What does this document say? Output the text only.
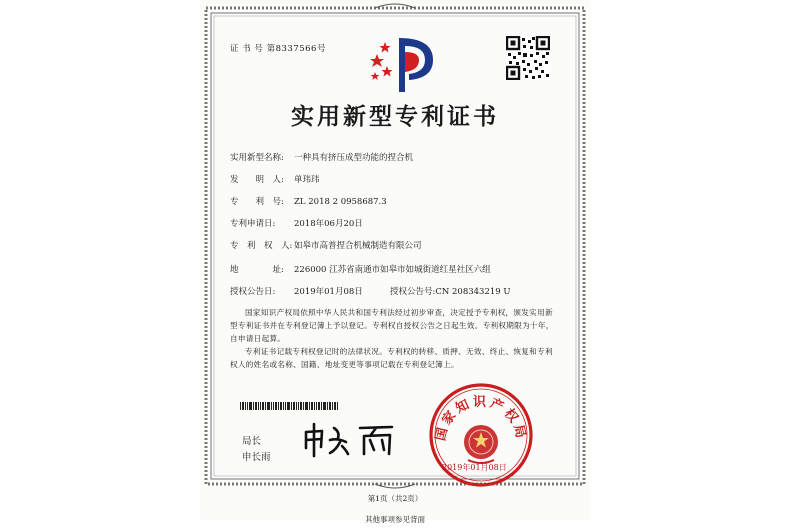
证 书 号 第8337566号
实用新型专利证书
实用新型名称: 一种具有挤压成型功能的捏合机
发　　明　人: 单玮玮
专　　利　号: ZL 2018 2 0958687.3
专利申请日: 2018年06月20日
专　利　权　人: 如皋市高普捏合机械制造有限公司
地　　　　址: 226000 江苏省南通市如皋市如城街道红星社区六组
授权公告日: 2019年01月08日	授权公告号:CN 208343219 U
国家知识产权局依照中华人民共和国专利法经过初步审查，决定授予专利权，颁发实用新型专利证书并在专利登记簿上予以登记。专利权自授权公告之日起生效。专利权期限为十年，自申请日起算。
专利证书记载专利权登记时的法律状况。专利权的转移、质押、无效、终止、恢复和专利权人的姓名或名称、国籍、地址变更等事项记载在专利登记簿上。
局长
申长雨
国家知识产权局
2019年01月08日
第1页（共2页）
其他事项参见背面
